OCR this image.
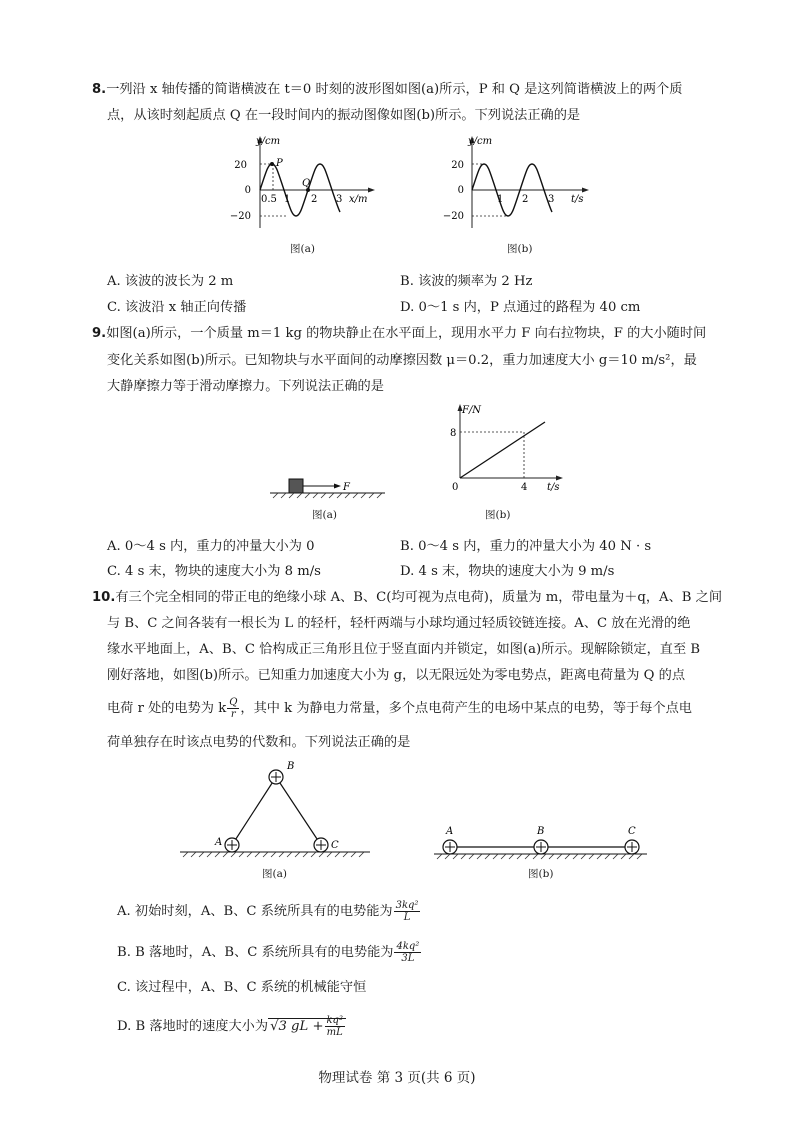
8.一列沿 x 轴传播的简谐横波在 t＝0 时刻的波形图如图(a)所示，P 和 Q 是这列简谐横波上的两个质
点，从该时刻起质点 Q 在一段时间内的振动图像如图(b)所示。下列说法正确的是
y/cm
20
0
−20
0.5 1 2 3 x/m
P
Q
图(a)
y/cm
20
0
−20
1 2 3 t/s
图(b)
A. 该波的波长为 2 m	B. 该波的频率为 2 Hz
C. 该波沿 x 轴正向传播	D. 0～1 s 内，P 点通过的路程为 40 cm
9.如图(a)所示，一个质量 m＝1 kg 的物块静止在水平面上，现用水平力 F 向右拉物块，F 的大小随时间
变化关系如图(b)所示。已知物块与水平面间的动摩擦因数 μ＝0.2，重力加速度大小 g＝10 m/s²，最
大静摩擦力等于滑动摩擦力。下列说法正确的是
F
图(a)
F/N
8
0	4 t/s
图(b)
A. 0～4 s 内，重力的冲量大小为 0	B. 0～4 s 内，重力的冲量大小为 40 N · s
C. 4 s 末，物块的速度大小为 8 m/s	D. 4 s 末，物块的速度大小为 9 m/s
10.有三个完全相同的带正电的绝缘小球 A、B、C(均可视为点电荷)，质量为 m，带电量为＋q，A、B 之间
与 B、C 之间各装有一根长为 L 的轻杆，轻杆两端与小球均通过轻质铰链连接。A、C 放在光滑的绝
缘水平地面上，A、B、C 恰构成正三角形且位于竖直面内并锁定，如图(a)所示。现解除锁定，直至 B
刚好落地，如图(b)所示。已知重力加速度大小为 g，以无限远处为零电势点，距离电荷量为 Q 的点
电荷 r 处的电势为 k $\frac{Q}{r}$ ，其中 k 为静电力常量，多个点电荷产生的电场中某点的电势，等于每个点电
荷单独存在时该点电势的代数和。下列说法正确的是
B
A	C
图(a)
A	B	C
图(b)
A. 初始时刻，A、B、C 系统所具有的电势能为 $\frac{\text{3kq²}}{L}$
B. B 落地时，A、B、C 系统所具有的电势能为 $\frac{\text{4kq²}}{3L}$
C. 该过程中，A、B、C 系统的机械能守恒
D. B 落地时的速度大小为 √3 gL + $\frac{\text{kq²}}{mL}$
物理试卷 第 3 页(共 6 页)
